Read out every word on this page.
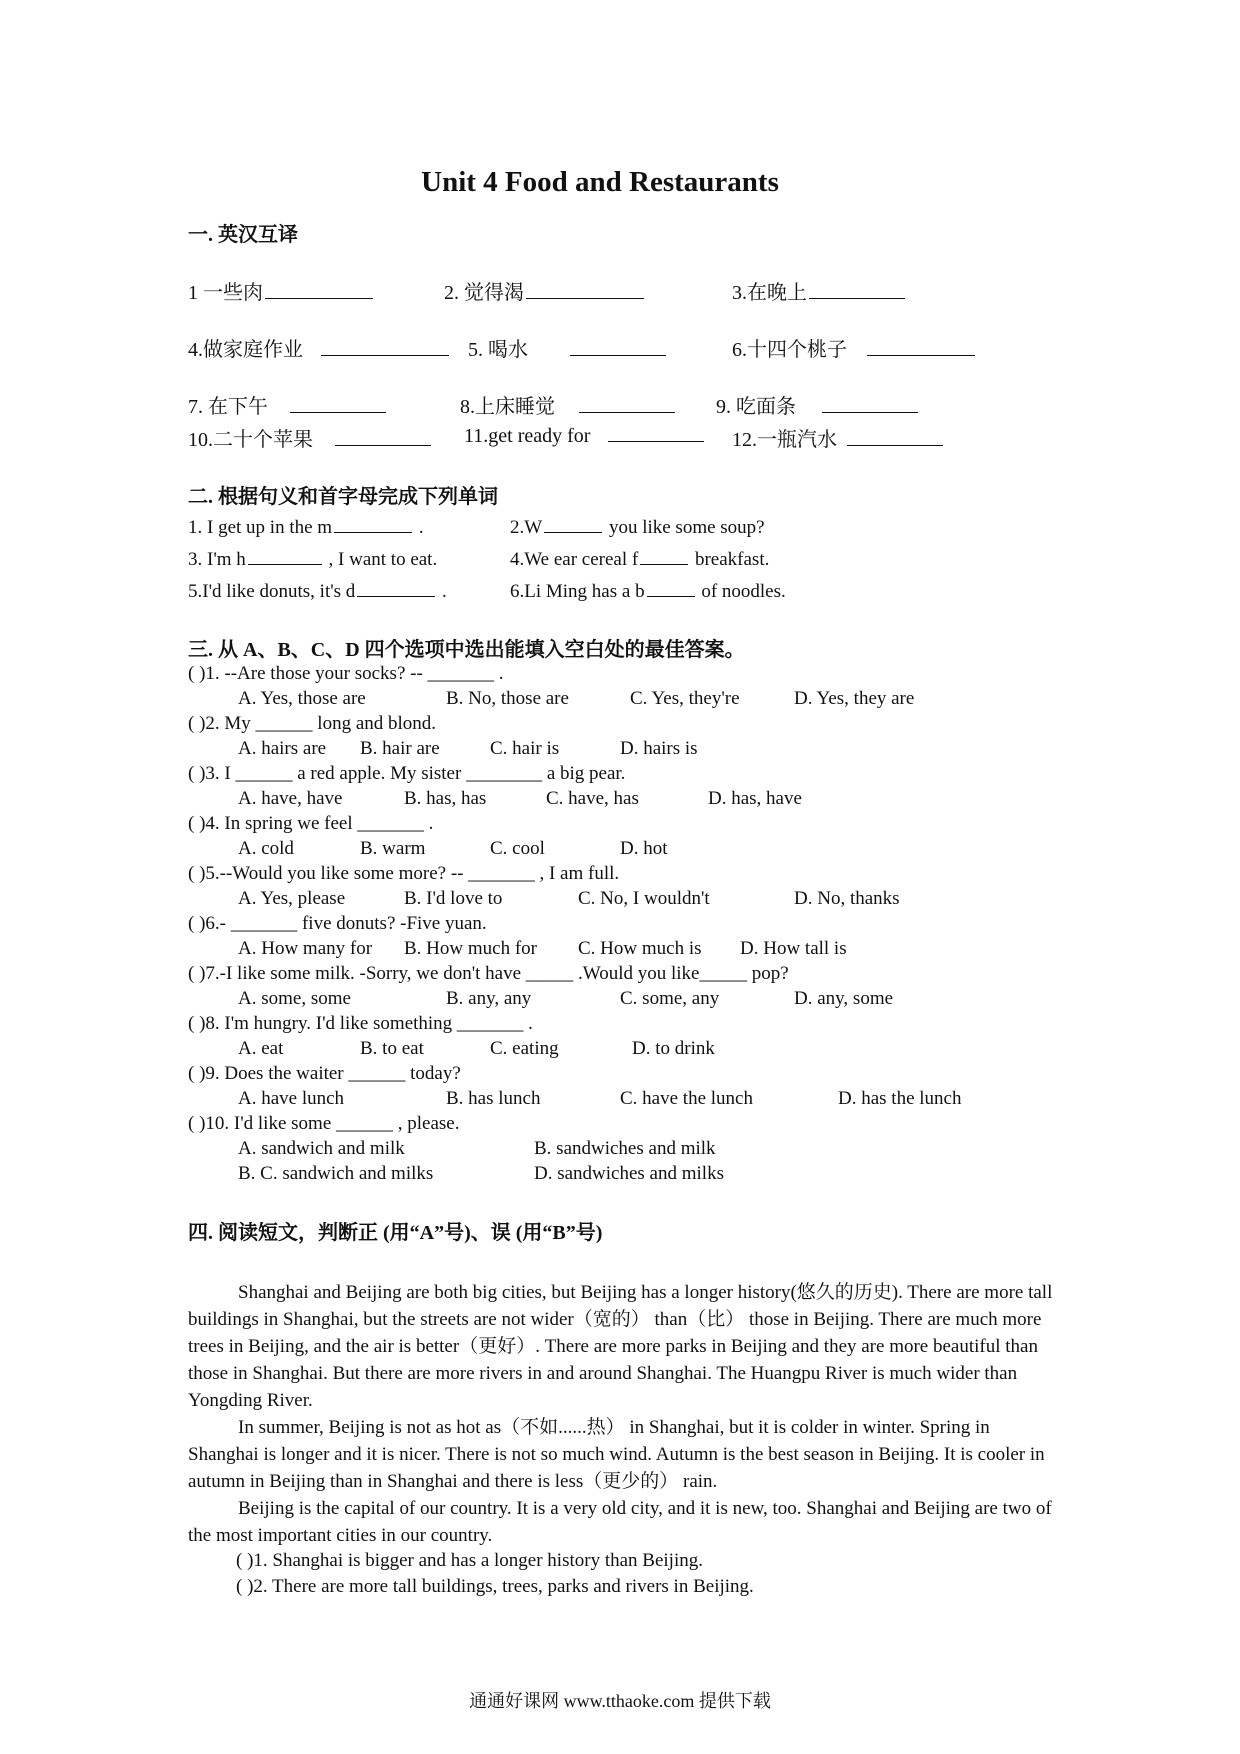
Unit 4 Food and Restaurants
一. 英汉互译
1 一些肉	2. 觉得渴	3.在晚上
4.做家庭作业	5. 喝水	6.十四个桃子
7. 在下午	8.上床睡觉	9. 吃面条
10.二十个苹果	11.get ready for	12.一瓶汽水
二. 根据句义和首字母完成下列单词
1. I get up in the m	.	2.W	you like some soup?
3. I'm h	, I want to eat.	4.We ear cereal f	breakfast.
5.I'd like donuts, it's d	.	6.Li Ming has a b	of noodles.
三. 从 A、B、C、D 四个选项中选出能填入空白处的最佳答案。
( )1. --Are those your socks? -- _______ .
A. Yes, those are	B. No, those are	C. Yes, they're	D. Yes, they are
( )2. My ______ long and blond.
A. hairs are B. hair are	C. hair is	D. hairs is
( )3. I ______ a red apple. My sister ________ a big pear.
A. have, have	B. has, has	C. have, has	D. has, have
( )4. In spring we feel _______ .
A. cold	B. warm	C. cool	D. hot
( )5.--Would you like some more? -- _______ , I am full.
A. Yes, please	B. I'd love to	C. No, I wouldn't	D. No, thanks
( )6.- _______ five donuts? -Five yuan.
A. How many for B. How much for C. How much is D. How tall is
( )7.-I like some milk. -Sorry, we don't have _____ .Would you like_____ pop?
A. some, some	B. any, any	C. some, any	D. any, some
( )8. I'm hungry. I'd like something _______ .
A. eat	B. to eat	C. eating	D. to drink
( )9. Does the waiter ______ today?
A. have lunch	B. has lunch	C. have the lunch	D. has the lunch
( )10. I'd like some ______ , please.
A. sandwich and milk	B. sandwiches and milk
B. C. sandwich and milks	D. sandwiches and milks
四. 阅读短文，判断正 (用“A”号)、误 (用“B”号)
Shanghai and Beijing are both big cities, but Beijing has a longer history(悠久的历史). There are more tall buildings in Shanghai, but the streets are not wider（宽的） than（比） those in Beijing. There are much more trees in Beijing, and the air is better（更好）. There are more parks in Beijing and they are more beautiful than those in Shanghai. But there are more rivers in and around Shanghai. The Huangpu River is much wider than Yongding River.
In summer, Beijing is not as hot as（不如......热） in Shanghai, but it is colder in winter. Spring in Shanghai is longer and it is nicer. There is not so much wind. Autumn is the best season in Beijing. It is cooler in autumn in Beijing than in Shanghai and there is less（更少的） rain.
Beijing is the capital of our country. It is a very old city, and it is new, too. Shanghai and Beijing are two of the most important cities in our country.
( )1. Shanghai is bigger and has a longer history than Beijing.
( )2. There are more tall buildings, trees, parks and rivers in Beijing.
通通好课网 www.tthaoke.com 提供下载
